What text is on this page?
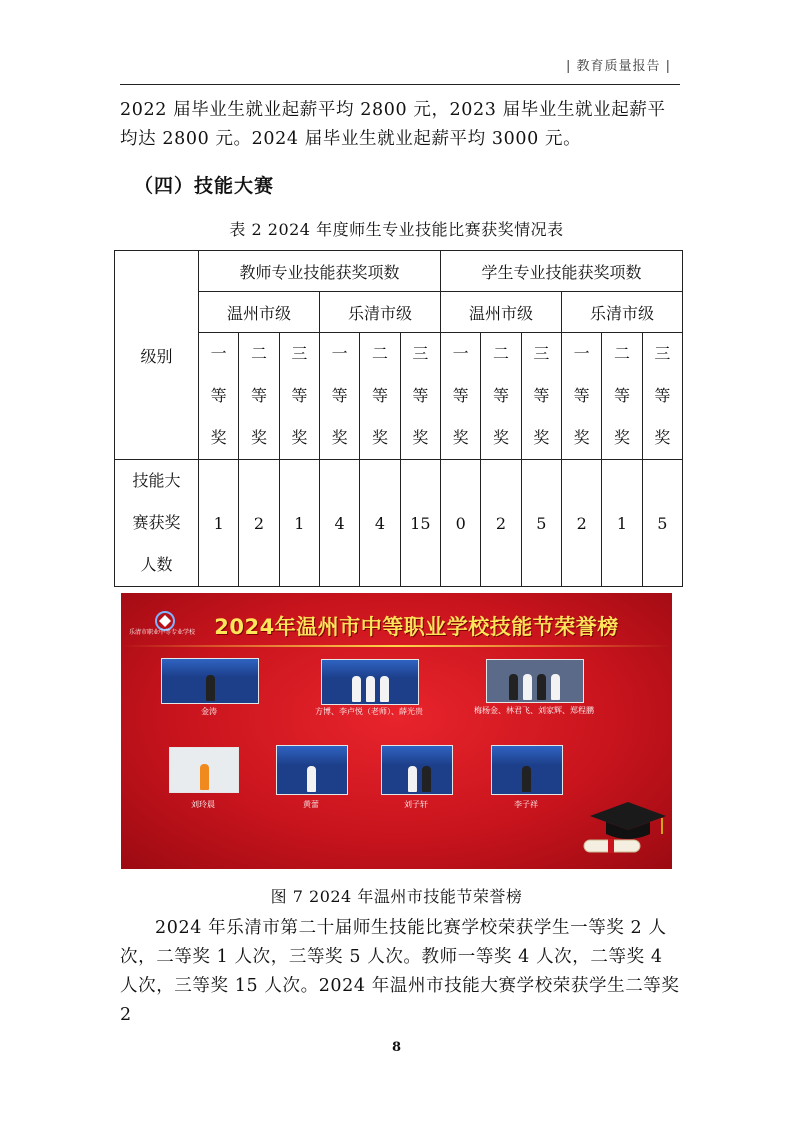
| 教育质量报告 |

2022 届毕业生就业起薪平均 2800 元，2023 届毕业生就业起薪平均达 2800 元。2024 届毕业生就业起薪平均 3000 元。

（四）技能大赛
表 2 2024 年度师生专业技能比赛获奖情况表
级别	教师专业技能获奖项数						学生专业技能获奖项数					
	温州市级			乐清市级			温州市级			乐清市级		
	一
等
奖	二
等
奖	三
等
奖	一
等
奖	二
等
奖	三
等
奖	一
等
奖	二
等
奖	三
等
奖	一
等
奖	二
等
奖	三
等
奖
技能大
赛获奖
人数	1	2	1	4	4	15	0	2	5	2	1	5
乐清市职业中等专业学校 2024年温州市中等职业学校技能节荣誉榜
金涛
	方博、李卢悦（老师）、薛光贵	梅杨金、林君飞、刘家辉、郑程鹏
刘玲晨	黄蕾	刘子轩	李子祥
图 7 2024 年温州市技能节荣誉榜

2024 年乐清市第二十届师生技能比赛学校荣获学生一等奖 2 人次，二等奖 1 人次，三等奖 5 人次。教师一等奖 4 人次，二等奖 4 人次，三等奖 15 人次。2024 年温州市技能大赛学校荣获学生二等奖 2

8
